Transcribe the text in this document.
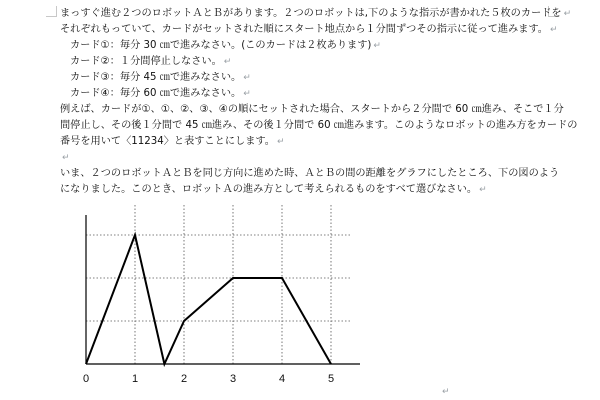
まっすぐ進む２つのロボットＡとＢがあります。２つのロボットは,下のような指示が書かれた５枚のカードを ↵
それぞれもっていて、カードがセットされた順にスタート地点から１分間ずつその指示に従って進みます。 ↵
カード①：毎分 30 ㎝で進みなさい。(このカードは２枚あります) ↵
カード②：１分間停止しなさい。 ↵
カード③：毎分 45 ㎝で進みなさい。 ↵
カード④：毎分 60 ㎝で進みなさい。 ↵
例えば、カードが①、①、②、③、④の順にセットされた場合、スタートから２分間で 60 ㎝進み、そこで１分
間停止し、その後１分間で 45 ㎝進み、その後１分間で 60 ㎝進みます。このようなロボットの進み方をカードの
番号を用いて〈11234〉と表すことにします。 ↵
↵
いま、２つのロボットＡとＢを同じ方向に進めた時、ＡとＢの間の距離をグラフにしたところ、下の図のよう
になりました。このとき、ロボットＡの進み方として考えられるものをすべて選びなさい。 ↵
0	1	2	3	4	5
↵
